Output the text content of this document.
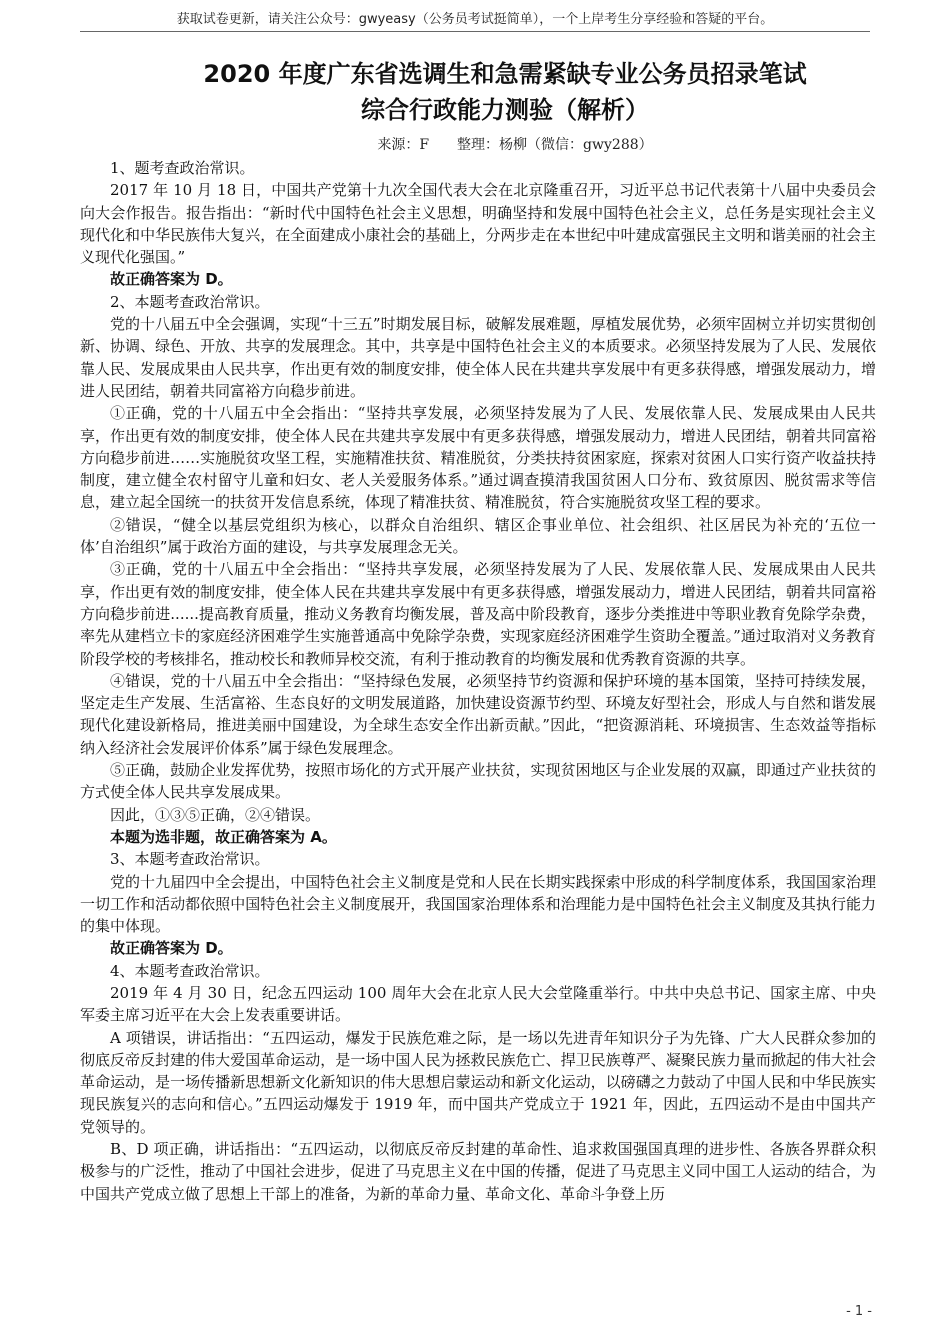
获取试卷更新，请关注公众号：gwyeasy（公务员考试挺简单），一个上岸考生分享经验和答疑的平台。
2020 年度广东省选调生和急需紧缺专业公务员招录笔试
综合行政能力测验（解析）
来源：F　　整理：杨柳（微信：gwy288）

1、题考查政治常识。

2017 年 10 月 18 日，中国共产党第十九次全国代表大会在北京隆重召开，习近平总书记代表第十八届中央委员会向大会作报告。报告指出：“新时代中国特色社会主义思想，明确坚持和发展中国特色社会主义，总任务是实现社会主义现代化和中华民族伟大复兴，在全面建成小康社会的基础上，分两步走在本世纪中叶建成富强民主文明和谐美丽的社会主义现代化强国。”

故正确答案为 D。

2、本题考查政治常识。

党的十八届五中全会强调，实现“十三五”时期发展目标，破解发展难题，厚植发展优势，必须牢固树立并切实贯彻创新、协调、绿色、开放、共享的发展理念。其中，共享是中国特色社会主义的本质要求。必须坚持发展为了人民、发展依靠人民、发展成果由人民共享，作出更有效的制度安排，使全体人民在共建共享发展中有更多获得感，增强发展动力，增进人民团结，朝着共同富裕方向稳步前进。

①正确，党的十八届五中全会指出：“坚持共享发展，必须坚持发展为了人民、发展依靠人民、发展成果由人民共享，作出更有效的制度安排，使全体人民在共建共享发展中有更多获得感，增强发展动力，增进人民团结，朝着共同富裕方向稳步前进……实施脱贫攻坚工程，实施精准扶贫、精准脱贫，分类扶持贫困家庭，探索对贫困人口实行资产收益扶持制度，建立健全农村留守儿童和妇女、老人关爱服务体系。”通过调查摸清我国贫困人口分布、致贫原因、脱贫需求等信息，建立起全国统一的扶贫开发信息系统，体现了精准扶贫、精准脱贫，符合实施脱贫攻坚工程的要求。

②错误，“健全以基层党组织为核心，以群众自治组织、辖区企事业单位、社会组织、社区居民为补充的‘五位一体’自治组织”属于政治方面的建设，与共享发展理念无关。

③正确，党的十八届五中全会指出：“坚持共享发展，必须坚持发展为了人民、发展依靠人民、发展成果由人民共享，作出更有效的制度安排，使全体人民在共建共享发展中有更多获得感，增强发展动力，增进人民团结，朝着共同富裕方向稳步前进......提高教育质量，推动义务教育均衡发展，普及高中阶段教育，逐步分类推进中等职业教育免除学杂费，率先从建档立卡的家庭经济困难学生实施普通高中免除学杂费，实现家庭经济困难学生资助全覆盖。”通过取消对义务教育阶段学校的考核排名，推动校长和教师异校交流，有利于推动教育的均衡发展和优秀教育资源的共享。

④错误，党的十八届五中全会指出：“坚持绿色发展，必须坚持节约资源和保护环境的基本国策，坚持可持续发展，坚定走生产发展、生活富裕、生态良好的文明发展道路，加快建设资源节约型、环境友好型社会，形成人与自然和谐发展现代化建设新格局，推进美丽中国建设，为全球生态安全作出新贡献。”因此，“把资源消耗、环境损害、生态效益等指标纳入经济社会发展评价体系”属于绿色发展理念。

⑤正确，鼓励企业发挥优势，按照市场化的方式开展产业扶贫，实现贫困地区与企业发展的双赢，即通过产业扶贫的方式使全体人民共享发展成果。

因此，①③⑤正确，②④错误。

本题为选非题，故正确答案为 A。

3、本题考查政治常识。

党的十九届四中全会提出，中国特色社会主义制度是党和人民在长期实践探索中形成的科学制度体系，我国国家治理一切工作和活动都依照中国特色社会主义制度展开，我国国家治理体系和治理能力是中国特色社会主义制度及其执行能力的集中体现。

故正确答案为 D。

4、本题考查政治常识。

2019 年 4 月 30 日，纪念五四运动 100 周年大会在北京人民大会堂隆重举行。中共中央总书记、国家主席、中央军委主席习近平在大会上发表重要讲话。

A 项错误，讲话指出：“五四运动，爆发于民族危难之际，是一场以先进青年知识分子为先锋、广大人民群众参加的彻底反帝反封建的伟大爱国革命运动，是一场中国人民为拯救民族危亡、捍卫民族尊严、凝聚民族力量而掀起的伟大社会革命运动，是一场传播新思想新文化新知识的伟大思想启蒙运动和新文化运动，以磅礴之力鼓动了中国人民和中华民族实现民族复兴的志向和信心。”五四运动爆发于 1919 年，而中国共产党成立于 1921 年，因此，五四运动不是由中国共产党领导的。

B、D 项正确，讲话指出：“五四运动，以彻底反帝反封建的革命性、追求救国强国真理的进步性、各族各界群众积极参与的广泛性，推动了中国社会进步，促进了马克思主义在中国的传播，促进了马克思主义同中国工人运动的结合，为中国共产党成立做了思想上干部上的准备，为新的革命力量、革命文化、革命斗争登上历

- 1 -
